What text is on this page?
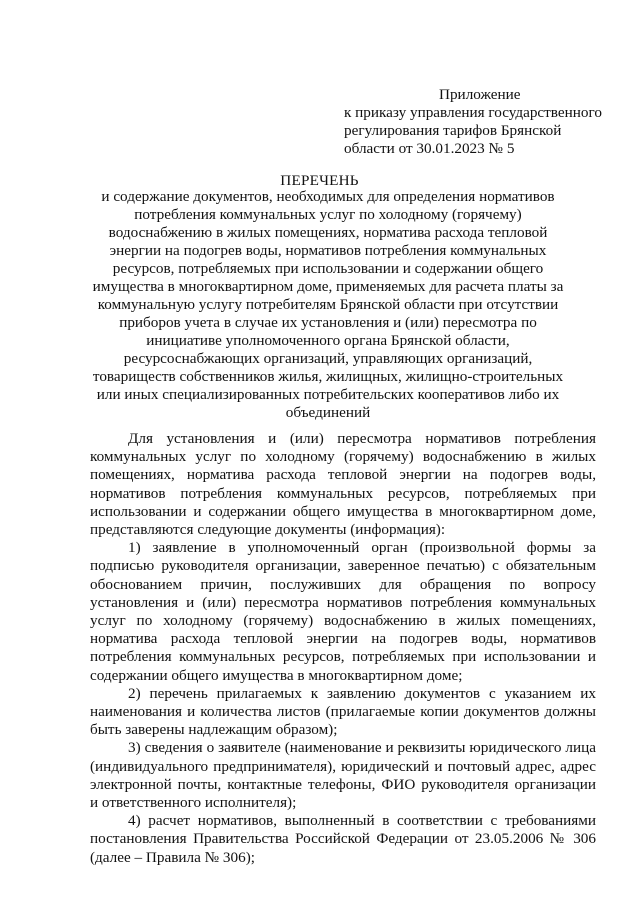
Приложение
к приказу управления государственного
регулирования тарифов Брянской
области от 30.01.2023 № 5
ПЕРЕЧЕНЬ
и содержание документов, необходимых для определения нормативов
потребления коммунальных услуг по холодному (горячему)
водоснабжению в жилых помещениях, норматива расхода тепловой
энергии на подогрев воды, нормативов потребления коммунальных
ресурсов, потребляемых при использовании и содержании общего
имущества в многоквартирном доме, применяемых для расчета платы за
коммунальную услугу потребителям Брянской области при отсутствии
приборов учета в случае их установления и (или) пересмотра по
инициативе уполномоченного органа Брянской области,
ресурсоснабжающих организаций, управляющих организаций,
товариществ собственников жилья, жилищных, жилищно-строительных
или иных специализированных потребительских кооперативов либо их
объединений
Для установления и (или) пересмотра нормативов потребления
коммунальных услуг по холодному (горячему) водоснабжению в жилых
помещениях, норматива расхода тепловой энергии на подогрев воды,
нормативов потребления коммунальных ресурсов, потребляемых при
использовании и содержании общего имущества в многоквартирном доме,
представляются следующие документы (информация):
1) заявление в уполномоченный орган (произвольной формы за
подписью руководителя организации, заверенное печатью) с обязательным
обоснованием причин, послуживших для обращения по вопросу
установления и (или) пересмотра нормативов потребления коммунальных
услуг по холодному (горячему) водоснабжению в жилых помещениях,
норматива расхода тепловой энергии на подогрев воды, нормативов
потребления коммунальных ресурсов, потребляемых при использовании и
содержании общего имущества в многоквартирном доме;
2) перечень прилагаемых к заявлению документов с указанием их
наименования и количества листов (прилагаемые копии документов должны
быть заверены надлежащим образом);
3) сведения о заявителе (наименование и реквизиты юридического лица
(индивидуального предпринимателя), юридический и почтовый адрес, адрес
электронной почты, контактные телефоны, ФИО руководителя организации
и ответственного исполнителя);
4) расчет нормативов, выполненный в соответствии с требованиями
постановления Правительства Российской Федерации от 23.05.2006 № 306
(далее – Правила № 306);
